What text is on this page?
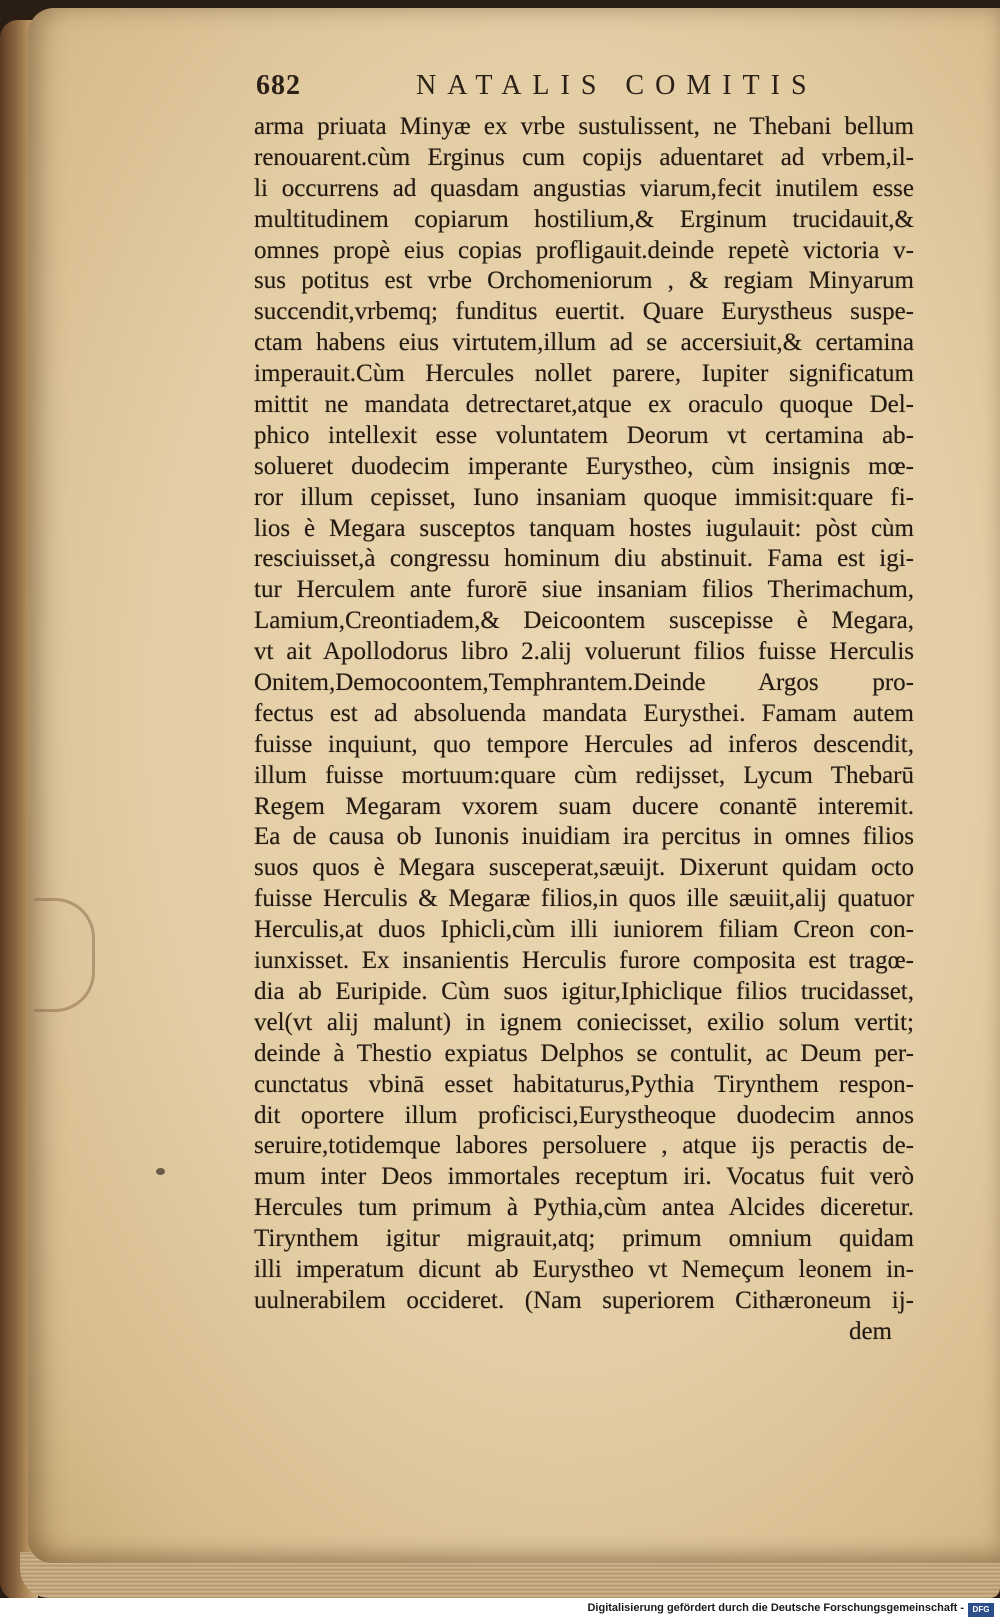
682	NATALIS COMITIS
arma priuata Minyæ ex vrbe sustulissent, ne Thebani bellum
renouarent.cùm Erginus cum copijs aduentaret ad vrbem,il-
li occurrens ad quasdam angustias viarum,fecit inutilem esse
multitudinem copiarum hostilium,& Erginum trucidauit,&
omnes propè eius copias profligauit.deinde repetè victoria v-
sus potitus est vrbe Orchomeniorum , & regiam Minyarum
succendit,vrbemq; funditus euertit. Quare Eurystheus suspe-
ctam habens eius virtutem,illum ad se accersiuit,& certamina
imperauit.Cùm Hercules nollet parere, Iupiter significatum
mittit ne mandata detrectaret,atque ex oraculo quoque Del-
phico intellexit esse voluntatem Deorum vt certamina ab-
solueret duodecim imperante Eurystheo, cùm insignis mœ-
ror illum cepisset, Iuno insaniam quoque immisit:quare fi-
lios è Megara susceptos tanquam hostes iugulauit: pòst cùm
resciuisset,à congressu hominum diu abstinuit. Fama est igi-
tur Herculem ante furorē siue insaniam filios Therimachum,
Lamium,Creontiadem,& Deicoontem suscepisse è Megara,
vt ait Apollodorus libro 2.alij voluerunt filios fuisse Herculis
Onitem,Democoontem,Temphrantem.Deinde Argos pro-
fectus est ad absoluenda mandata Eurysthei. Famam autem
fuisse inquiunt, quo tempore Hercules ad inferos descendit,
illum fuisse mortuum:quare cùm redijsset, Lycum Thebarū
Regem Megaram vxorem suam ducere conantē interemit.
Ea de causa ob Iunonis inuidiam ira percitus in omnes filios
suos quos è Megara susceperat,sæuijt. Dixerunt quidam octo
fuisse Herculis & Megaræ filios,in quos ille sæuiit,alij quatuor
Herculis,at duos Iphicli,cùm illi iuniorem filiam Creon con-
iunxisset. Ex insanientis Herculis furore composita est tragœ-
dia ab Euripide. Cùm suos igitur,Iphiclique filios trucidasset,
vel(vt alij malunt) in ignem coniecisset, exilio solum vertit;
deinde à Thestio expiatus Delphos se contulit, ac Deum per-
cunctatus vbinā esset habitaturus,Pythia Tirynthem respon-
dit oportere illum proficisci,Eurystheoque duodecim annos
seruire,totidemque labores persoluere , atque ijs peractis de-
mum inter Deos immortales receptum iri. Vocatus fuit verò
Hercules tum primum à Pythia,cùm antea Alcides diceretur.
Tirynthem igitur migrauit,atq; primum omnium quidam
illi imperatum dicunt ab Eurystheo vt Nemeçum leonem in-
uulnerabilem occideret. (Nam superiorem Cithæroneum ij-
dem
Digitalisierung gefördert durch die Deutsche Forschungsgemeinschaft -	DFG
